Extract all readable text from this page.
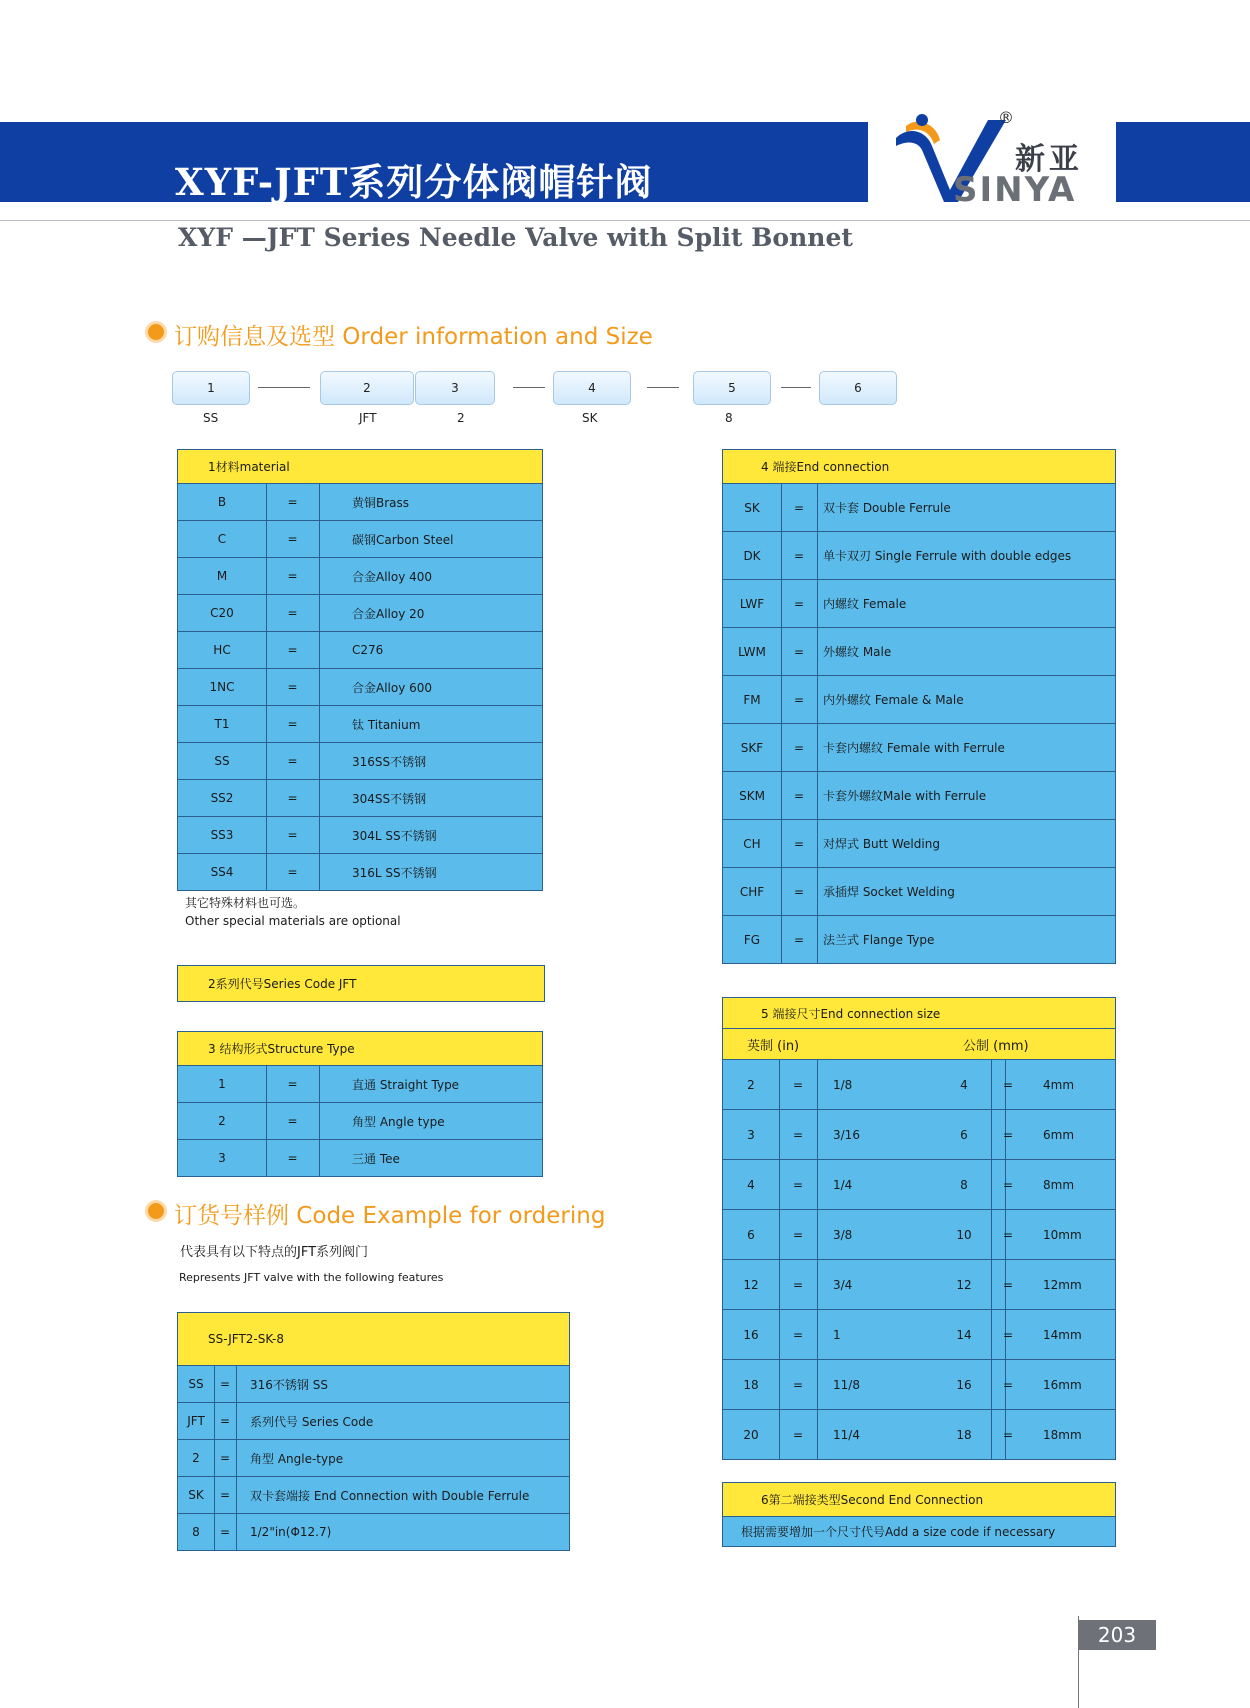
XYF-JFT系列分体阀帽针阀
XYF —JFT Series Needle Valve with Split Bonnet
®
新亚
SINYA
订购信息及选型 Order information and Size
1	2	3	4	5	6
SS	JFT	2	SK	8
1材料material
B	=	黄铜Brass
C	=	碳钢Carbon Steel
M	=	合金Alloy 400
C20	=	合金Alloy 20
HC	=	C276
1NC	=	合金Alloy 600
T1	=	钛 Titanium
SS	=	316SS不锈钢
SS2	=	304SS不锈钢
SS3	=	304L SS不锈钢
SS4	=	316L SS不锈钢
其它特殊材料也可选。
Other special materials are optional
2系列代号Series Code JFT
3 结构形式Structure Type
1	=	直通 Straight Type
2	=	角型 Angle type
3	=	三通 Tee
订货号样例 Code Example for ordering
代表具有以下特点的JFT系列阀门
Represents JFT valve with the following features
SS-JFT2-SK-8
SS	=	316不锈钢 SS
JFT	=	系列代号 Series Code
2	=	角型 Angle-type
SK	=	双卡套端接 End Connection with Double Ferrule
8	=	1/2"in(Φ12.7)
4 端接End connection
SK	=	双卡套 Double Ferrule
DK	=	单卡双刃 Single Ferrule with double edges
LWF	=	内螺纹 Female
LWM	=	外螺纹 Male
FM	=	内外螺纹 Female & Male
SKF	=	卡套内螺纹 Female with Ferrule
SKM	=	卡套外螺纹Male with Ferrule
CH	=	对焊式 Butt Welding
CHF	=	承插焊 Socket Welding
FG	=	法兰式 Flange Type
5 端接尺寸End connection size
英制 (in)	公制 (mm)
2	=	1/8	4	=	4mm
3	=	3/16	6	=	6mm
4	=	1/4	8	=	8mm
6	=	3/8	10	=	10mm
12	=	3/4	12	=	12mm
16	=	1	14	=	14mm
18	=	11/8	16	=	16mm
20	=	11/4	18	=	18mm
6第二端接类型Second End Connection
根据需要增加一个尺寸代号Add a size code if necessary
203
